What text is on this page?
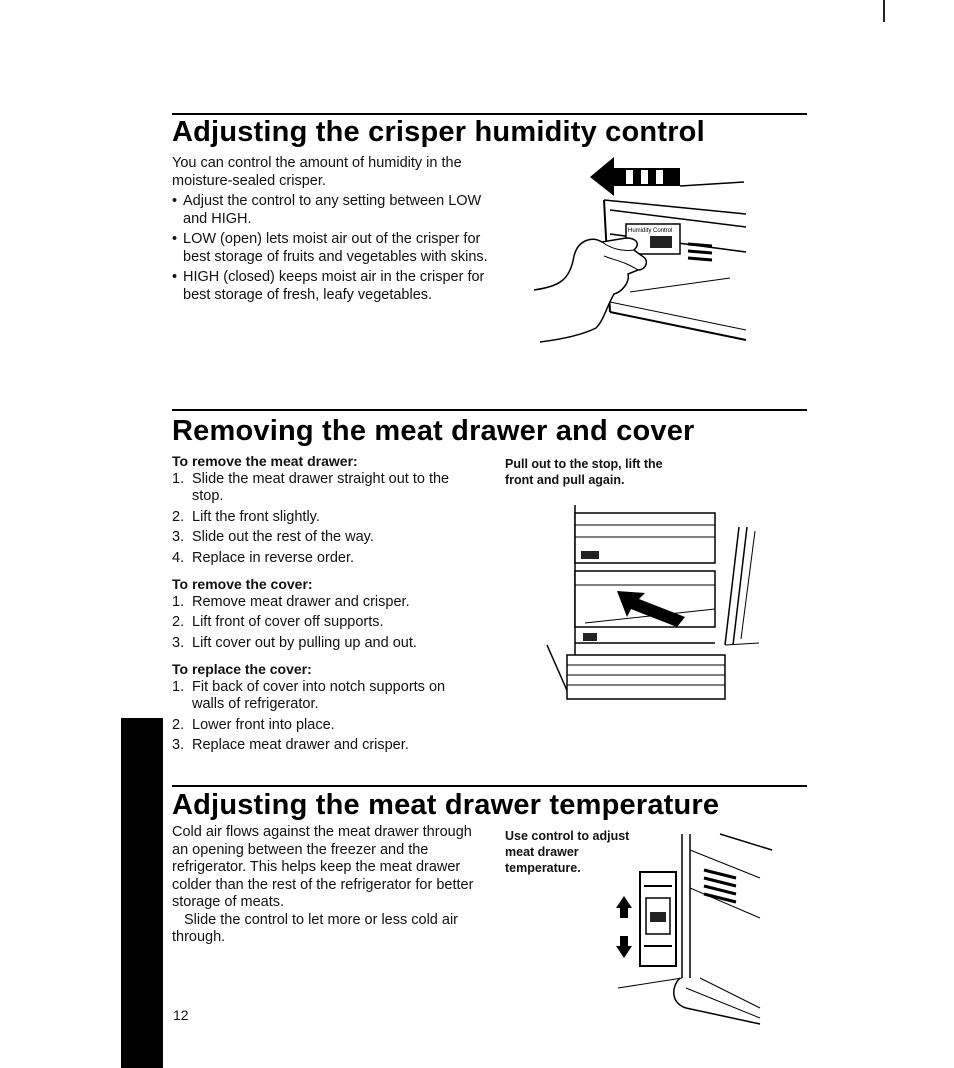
Adjusting the crisper humidity control

You can control the amount of humidity in the moisture-sealed crisper.

• Adjust the control to any setting between LOW and HIGH.
• LOW (open) lets moist air out of the crisper for best storage of fruits and vegetables with skins.
• HIGH (closed) keeps moist air in the crisper for best storage of fresh, leafy vegetables.
Humidity Control
Removing the meat drawer and cover

To remove the meat drawer:

1. Slide the meat drawer straight out to the stop.
2. Lift the front slightly.
3. Slide out the rest of the way.
4. Replace in reverse order.

To remove the cover:

1. Remove meat drawer and crisper.
2. Lift front of cover off supports.
3. Lift cover out by pulling up and out.

To replace the cover:

1. Fit back of cover into notch supports on walls of refrigerator.
2. Lower front into place.
3. Replace meat drawer and crisper.
Pull out to the stop, lift the front and pull again.
Adjusting the meat drawer temperature

Cold air flows against the meat drawer through an opening between the freezer and the refrigerator. This helps keep the meat drawer colder than the rest of the refrigerator for better storage of meats.

Slide the control to let more or less cold air through.

Use control to adjust meat drawer temperature.
12
